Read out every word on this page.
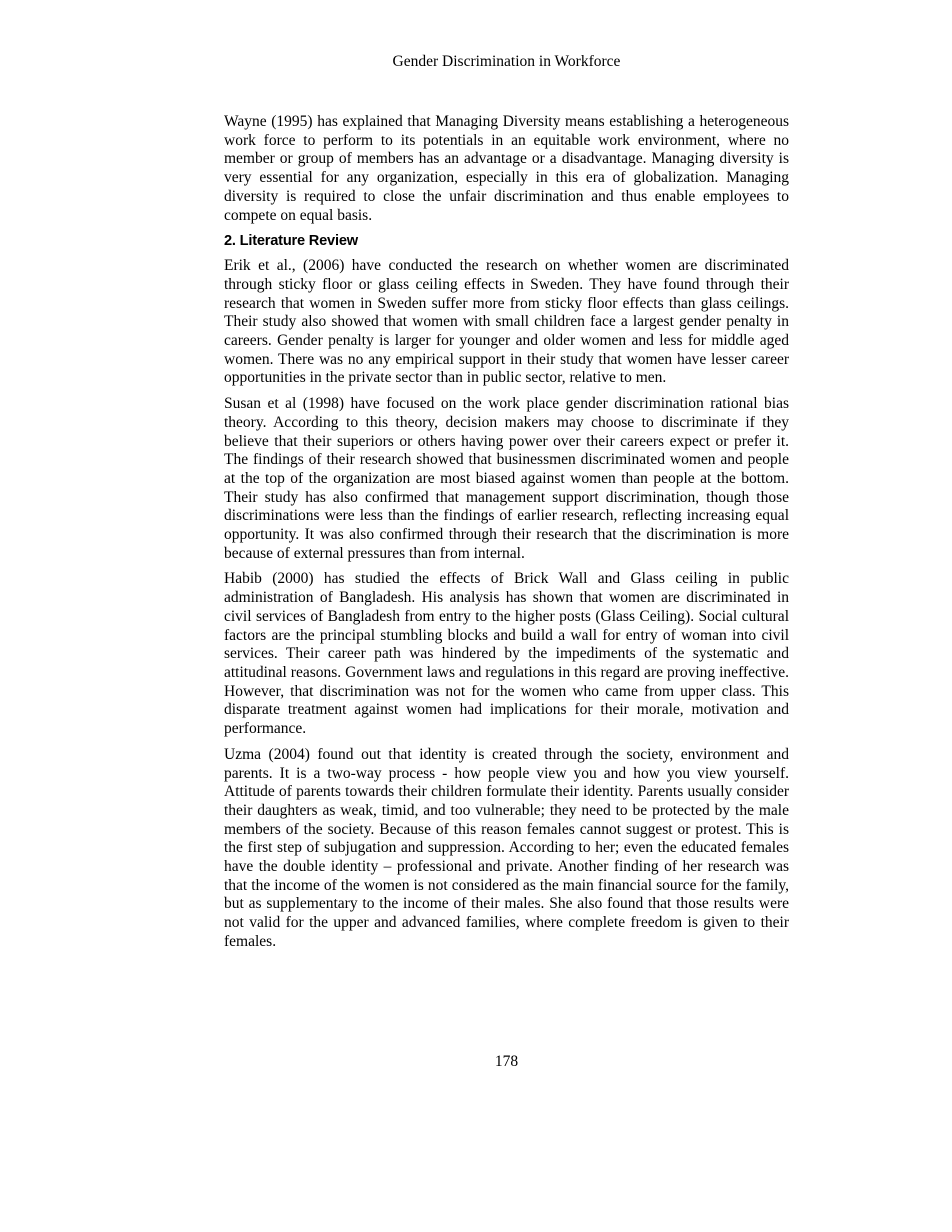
Gender Discrimination in Workforce

Wayne (1995) has explained that Managing Diversity means establishing a heterogeneous work force to perform to its potentials in an equitable work environment, where no member or group of members has an advantage or a disadvantage. Managing diversity is very essential for any organization, especially in this era of globalization. Managing diversity is required to close the unfair discrimination and thus enable employees to compete on equal basis.

2. Literature Review

Erik et al., (2006) have conducted the research on whether women are discriminated through sticky floor or glass ceiling effects in Sweden. They have found through their research that women in Sweden suffer more from sticky floor effects than glass ceilings. Their study also showed that women with small children face a largest gender penalty in careers. Gender penalty is larger for younger and older women and less for middle aged women. There was no any empirical support in their study that women have lesser career opportunities in the private sector than in public sector, relative to men.

Susan et al (1998) have focused on the work place gender discrimination rational bias theory. According to this theory, decision makers may choose to discriminate if they believe that their superiors or others having power over their careers expect or prefer it. The findings of their research showed that businessmen discriminated women and people at the top of the organization are most biased against women than people at the bottom. Their study has also confirmed that management support discrimination, though those discriminations were less than the findings of earlier research, reflecting increasing equal opportunity. It was also confirmed through their research that the discrimination is more because of external pressures than from internal.

Habib (2000) has studied the effects of Brick Wall and Glass ceiling in public administration of Bangladesh. His analysis has shown that women are discriminated in civil services of Bangladesh from entry to the higher posts (Glass Ceiling). Social cultural factors are the principal stumbling blocks and build a wall for entry of woman into civil services. Their career path was hindered by the impediments of the systematic and attitudinal reasons. Government laws and regulations in this regard are proving ineffective. However, that discrimination was not for the women who came from upper class. This disparate treatment against women had implications for their morale, motivation and performance.

Uzma (2004) found out that identity is created through the society, environment and parents. It is a two-way process - how people view you and how you view yourself. Attitude of parents towards their children formulate their identity. Parents usually consider their daughters as weak, timid, and too vulnerable; they need to be protected by the male members of the society. Because of this reason females cannot suggest or protest. This is the first step of subjugation and suppression. According to her; even the educated females have the double identity – professional and private. Another finding of her research was that the income of the women is not considered as the main financial source for the family, but as supplementary to the income of their males. She also found that those results were not valid for the upper and advanced families, where complete freedom is given to their females.

178
